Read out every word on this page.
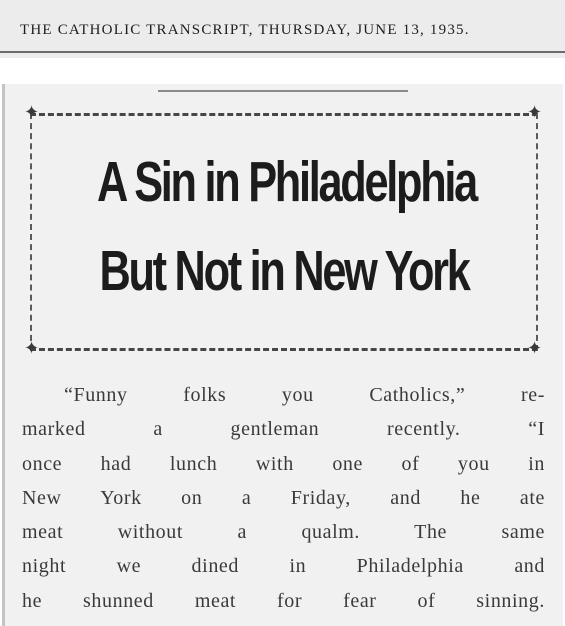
THE CATHOLIC TRANSCRIPT, THURSDAY, JUNE 13, 1935.
✦	✦
✦	✦
A Sin in Philadelphia
But Not in New York
“Funny folks you Catholics,” re-
marked a gentleman recently. “I
once had lunch with one of you in
New York on a Friday, and he ate
meat without a qualm. The same
night we dined in Philadelphia and
he shunned meat for fear of sinning.
